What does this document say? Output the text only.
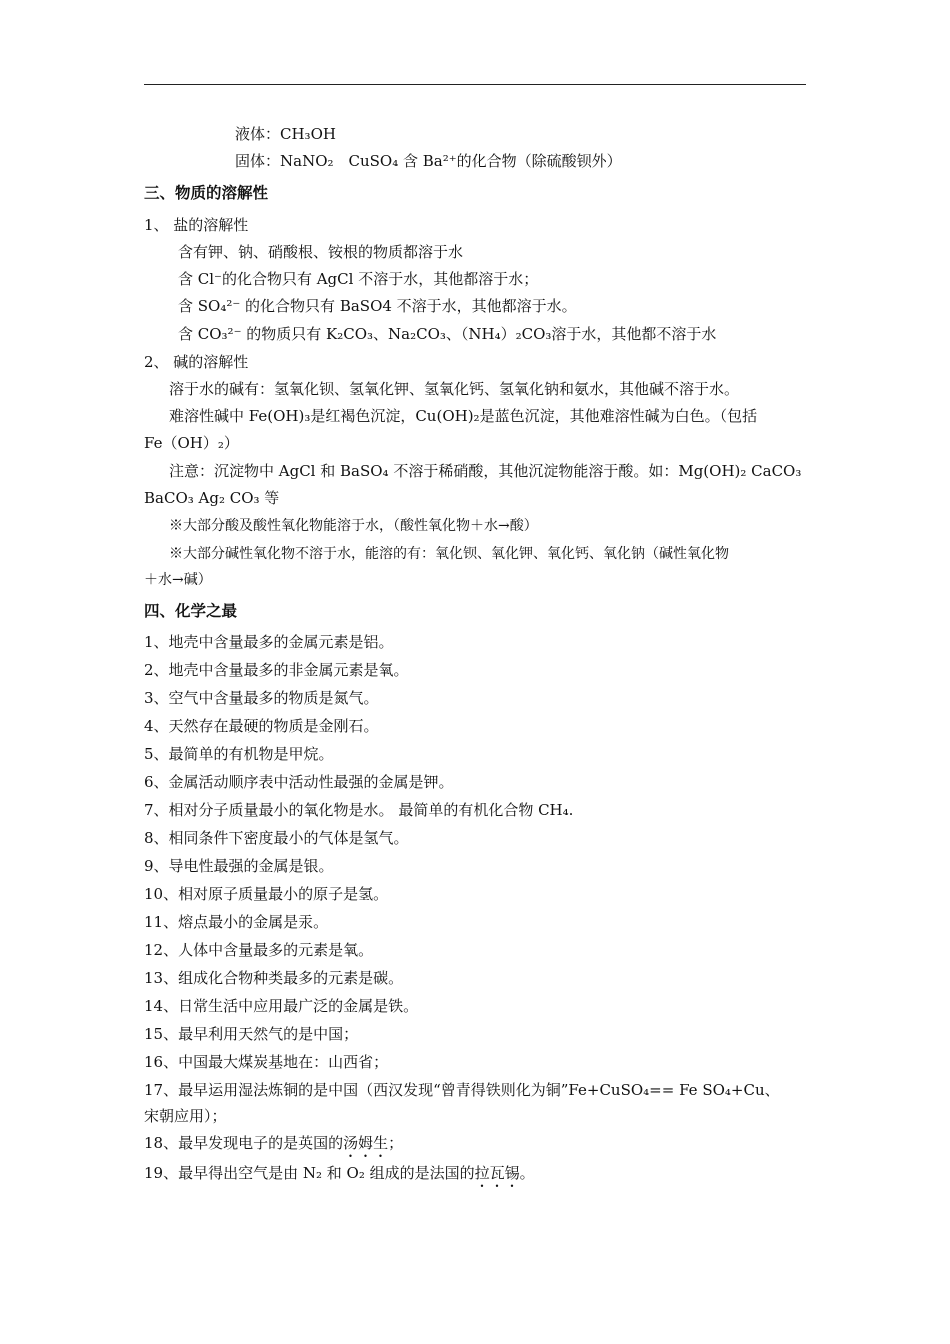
液体：CH₃OH
固体：NaNO₂　CuSO₄ 含 Ba²⁺的化合物（除硫酸钡外）
三、物质的溶解性
1、 盐的溶解性
含有钾、钠、硝酸根、铵根的物质都溶于水
含 Cl⁻的化合物只有 AgCl 不溶于水，其他都溶于水；
含 SO₄²⁻ 的化合物只有 BaSO4 不溶于水，其他都溶于水。
含 CO₃²⁻ 的物质只有 K₂CO₃、Na₂CO₃、（NH₄）₂CO₃溶于水，其他都不溶于水
2、 碱的溶解性
溶于水的碱有：氢氧化钡、氢氧化钾、氢氧化钙、氢氧化钠和氨水，其他碱不溶于水。
难溶性碱中 Fe(OH)₃是红褐色沉淀，Cu(OH)₂是蓝色沉淀，其他难溶性碱为白色。（包括
Fe（OH）₂）
注意：沉淀物中 AgCl 和 BaSO₄ 不溶于稀硝酸，其他沉淀物能溶于酸。如：Mg(OH)₂ CaCO₃
BaCO₃ Ag₂ CO₃ 等
※大部分酸及酸性氧化物能溶于水，（酸性氧化物＋水→酸）
※大部分碱性氧化物不溶于水，能溶的有：氧化钡、氧化钾、氧化钙、氧化钠（碱性氧化物
＋水→碱）
四、化学之最
1、地壳中含量最多的金属元素是铝。
2、地壳中含量最多的非金属元素是氧。
3、空气中含量最多的物质是氮气。
4、天然存在最硬的物质是金刚石。
5、最简单的有机物是甲烷。
6、金属活动顺序表中活动性最强的金属是钾。
7、相对分子质量最小的氧化物是水。 最简单的有机化合物 CH₄.
8、相同条件下密度最小的气体是氢气。
9、导电性最强的金属是银。
10、相对原子质量最小的原子是氢。
11、熔点最小的金属是汞。
12、人体中含量最多的元素是氧。
13、组成化合物种类最多的元素是碳。
14、日常生活中应用最广泛的金属是铁。
15、最早利用天然气的是中国；
16、中国最大煤炭基地在：山西省；
17、最早运用湿法炼铜的是中国（西汉发现“曾青得铁则化为铜”Fe+CuSO₄== Fe SO₄+Cu、
宋朝应用）；
18、最早发现电子的是英国的汤姆生；
19、最早得出空气是由 N₂ 和 O₂ 组成的是法国的拉瓦锡。
